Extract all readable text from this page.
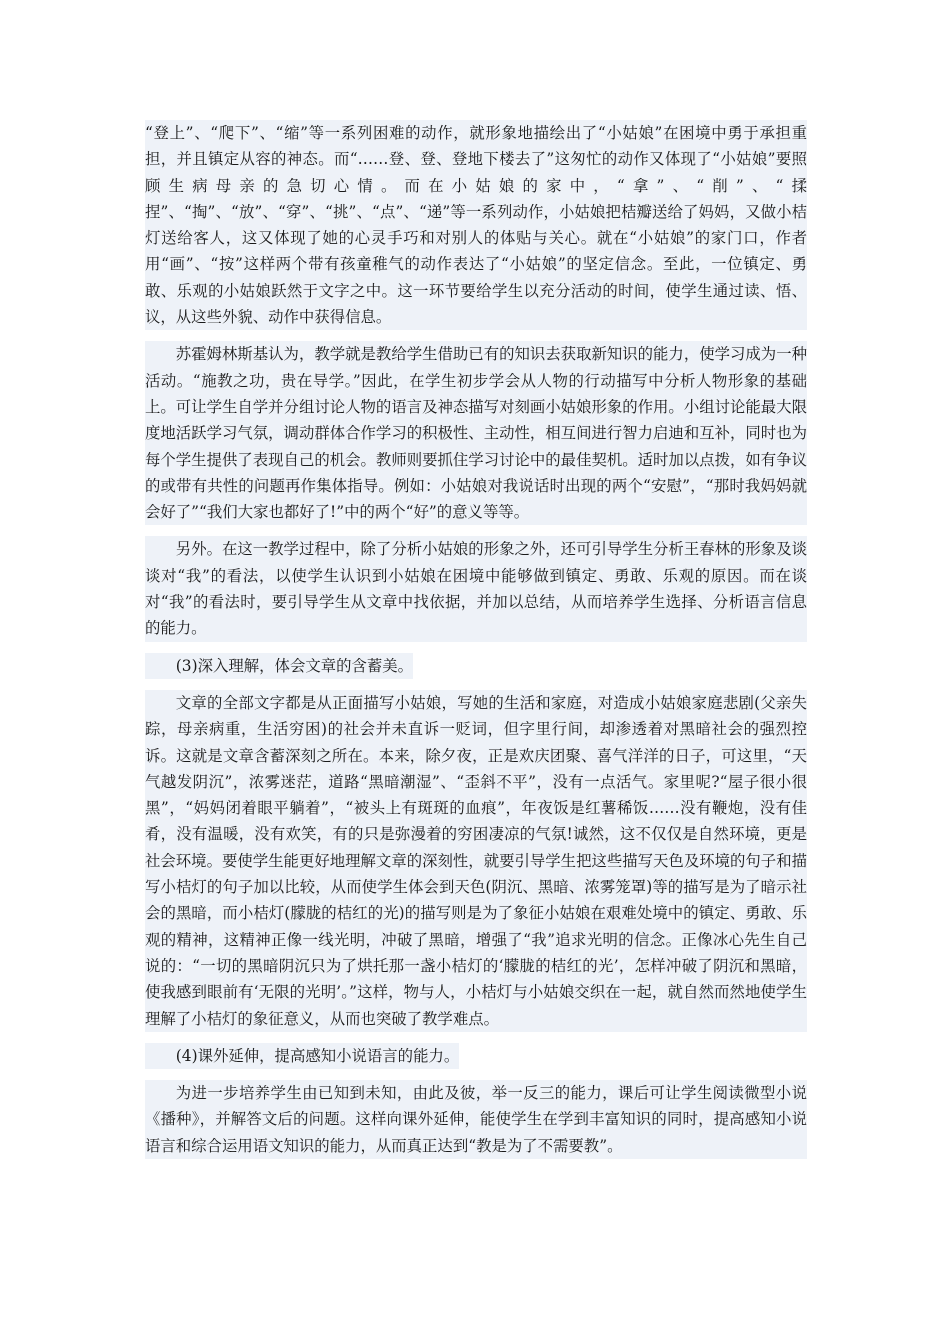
“登上”、“爬下”、“缩”等一系列困难的动作，就形象地描绘出了“小姑娘”在困境中勇于承担重担，并且镇定从容的神态。而“……登、登、登地下楼去了”这匆忙的动作又体现了“小姑娘”要照顾生病母亲的急切心情。而在小姑娘的家中，“拿”、“削”、“揉捏”、“掏”、“放”、“穿”、“挑”、“点”、“递”等一系列动作，小姑娘把桔瓣送给了妈妈，又做小桔灯送给客人，这又体现了她的心灵手巧和对别人的体贴与关心。就在“小姑娘”的家门口，作者用“画”、“按”这样两个带有孩童稚气的动作表达了“小姑娘”的坚定信念。至此，一位镇定、勇敢、乐观的小姑娘跃然于文字之中。这一环节要给学生以充分活动的时间，使学生通过读、悟、议，从这些外貌、动作中获得信息。

苏霍姆林斯基认为，教学就是教给学生借助已有的知识去获取新知识的能力，使学习成为一种活动。“施教之功，贵在导学。”因此，在学生初步学会从人物的行动描写中分析人物形象的基础上。可让学生自学并分组讨论人物的语言及神态描写对刻画小姑娘形象的作用。小组讨论能最大限度地活跃学习气氛，调动群体合作学习的积极性、主动性，相互间进行智力启迪和互补，同时也为每个学生提供了表现自己的机会。教师则要抓住学习讨论中的最佳契机。适时加以点拨，如有争议的或带有共性的问题再作集体指导。例如：小姑娘对我说话时出现的两个“安慰”，“那时我妈妈就会好了”“我们大家也都好了!”中的两个“好”的意义等等。

另外。在这一教学过程中，除了分析小姑娘的形象之外，还可引导学生分析王春林的形象及谈谈对“我”的看法，以使学生认识到小姑娘在困境中能够做到镇定、勇敢、乐观的原因。而在谈对“我”的看法时，要引导学生从文章中找依据，并加以总结，从而培养学生选择、分析语言信息的能力。

(3)深入理解，体会文章的含蓄美。

文章的全部文字都是从正面描写小姑娘，写她的生活和家庭，对造成小姑娘家庭悲剧(父亲失踪，母亲病重，生活穷困)的社会并未直诉一贬词，但字里行间，却渗透着对黑暗社会的强烈控诉。这就是文章含蓄深刻之所在。本来，除夕夜，正是欢庆团聚、喜气洋洋的日子，可这里，“天气越发阴沉”，浓雾迷茫，道路“黑暗潮湿”、“歪斜不平”，没有一点活气。家里呢?“屋子很小很黑”，“妈妈闭着眼平躺着”，“被头上有斑斑的血痕”，年夜饭是红薯稀饭……没有鞭炮，没有佳肴，没有温暖，没有欢笑，有的只是弥漫着的穷困凄凉的气氛!诚然，这不仅仅是自然环境，更是社会环境。要使学生能更好地理解文章的深刻性，就要引导学生把这些描写天色及环境的句子和描写小桔灯的句子加以比较，从而使学生体会到天色(阴沉、黑暗、浓雾笼罩)等的描写是为了暗示社会的黑暗，而小桔灯(朦胧的桔红的光)的描写则是为了象征小姑娘在艰难处境中的镇定、勇敢、乐观的精神，这精神正像一线光明，冲破了黑暗，增强了“我”追求光明的信念。正像冰心先生自己说的：“一切的黑暗阴沉只为了烘托那一盏小桔灯的‘朦胧的桔红的光’，怎样冲破了阴沉和黑暗，使我感到眼前有‘无限的光明’。”这样，物与人，小桔灯与小姑娘交织在一起，就自然而然地使学生理解了小桔灯的象征意义，从而也突破了教学难点。

(4)课外延伸，提高感知小说语言的能力。

为进一步培养学生由已知到未知，由此及彼，举一反三的能力，课后可让学生阅读微型小说《播种》，并解答文后的问题。这样向课外延伸，能使学生在学到丰富知识的同时，提高感知小说语言和综合运用语文知识的能力，从而真正达到“教是为了不需要教”。
